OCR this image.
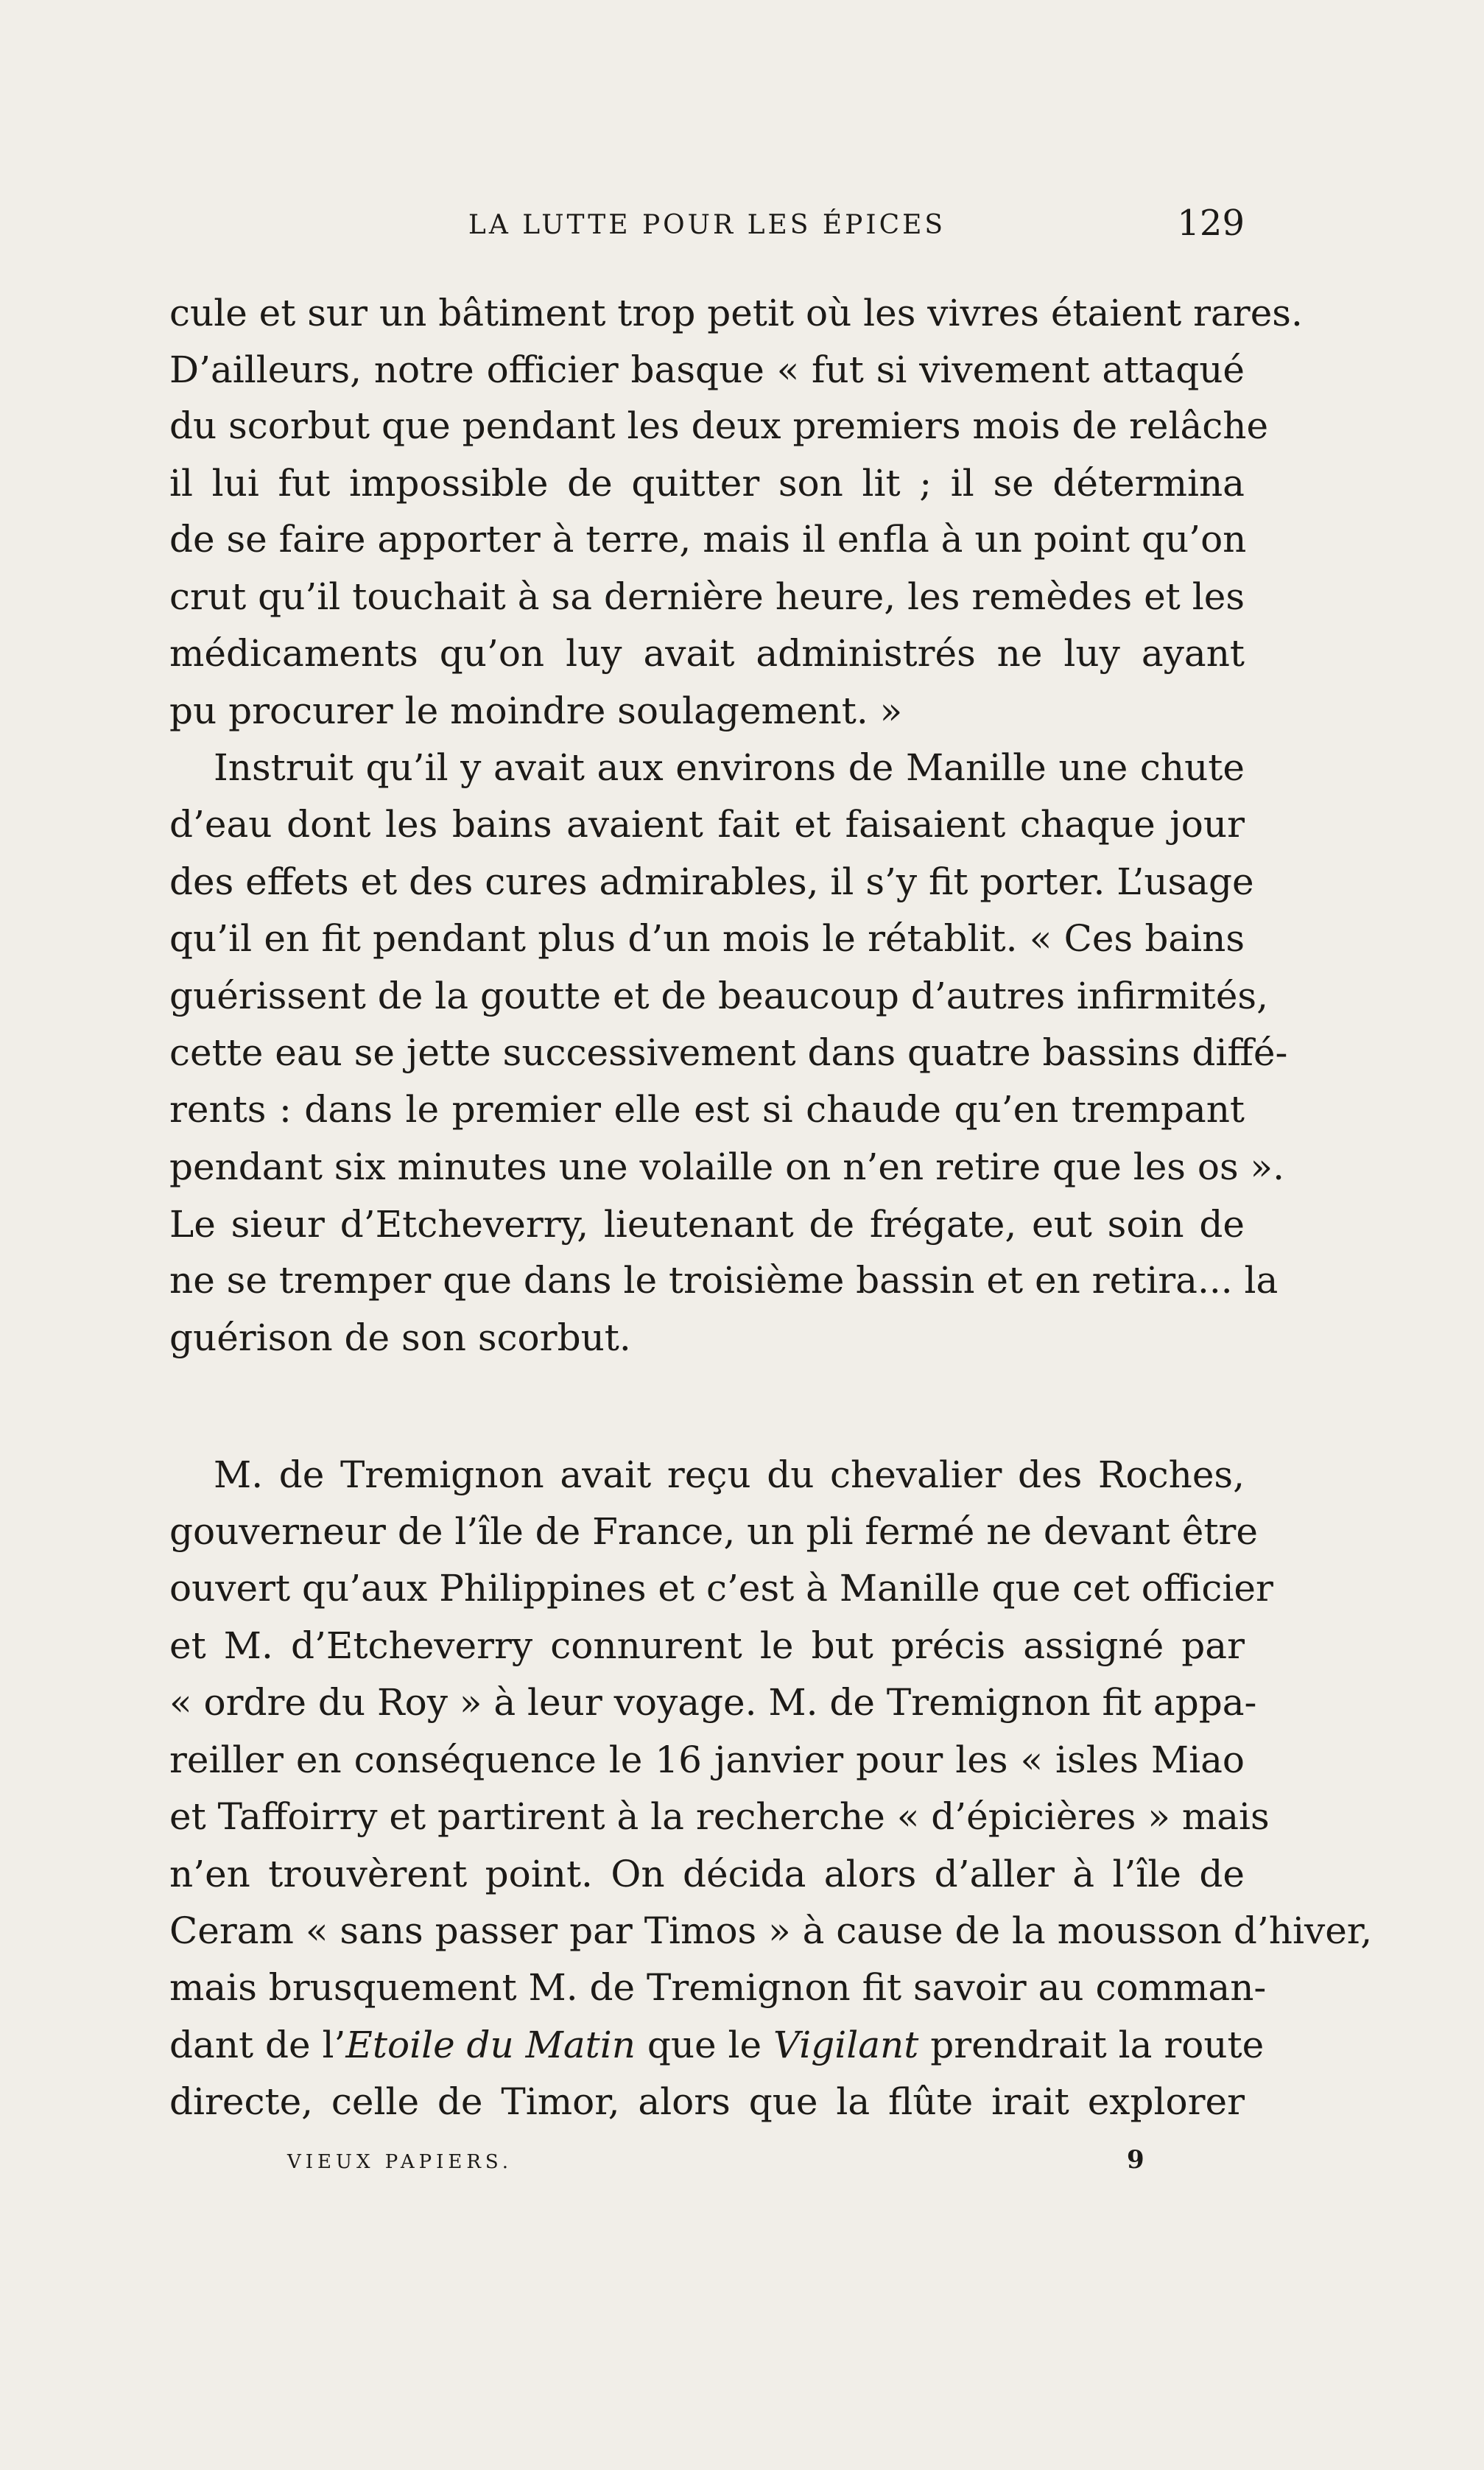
LA LUTTE POUR LES ÉPICES	129
cule et sur un bâtiment trop petit où les vivres étaient rares.
D’ailleurs, notre officier basque « fut si vivement attaqué
du scorbut que pendant les deux premiers mois de relâche
il lui fut impossible de quitter son lit ; il se détermina
de se faire apporter à terre, mais il enfla à un point qu’on
crut qu’il touchait à sa dernière heure, les remèdes et les
médicaments qu’on luy avait administrés ne luy ayant
pu procurer le moindre soulagement. »
Instruit qu’il y avait aux environs de Manille une chute
d’eau dont les bains avaient fait et faisaient chaque jour
des effets et des cures admirables, il s’y fit porter. L’usage
qu’il en fit pendant plus d’un mois le rétablit. « Ces bains
guérissent de la goutte et de beaucoup d’autres infirmités,
cette eau se jette successivement dans quatre bassins diffé-
rents : dans le premier elle est si chaude qu’en trempant
pendant six minutes une volaille on n’en retire que les os ».
Le sieur d’Etcheverry, lieutenant de frégate, eut soin de
ne se tremper que dans le troisième bassin et en retira... la
guérison de son scorbut.
M. de Tremignon avait reçu du chevalier des Roches,
gouverneur de l’île de France, un pli fermé ne devant être
ouvert qu’aux Philippines et c’est à Manille que cet officier
et M. d’Etcheverry connurent le but précis assigné par
« ordre du Roy » à leur voyage. M. de Tremignon fit appa-
reiller en conséquence le 16 janvier pour les « isles Miao
et Taffoirry et partirent à la recherche « d’épicières » mais
n’en trouvèrent point. On décida alors d’aller à l’île de
Ceram « sans passer par Timos » à cause de la mousson d’hiver,
mais brusquement M. de Tremignon fit savoir au comman-
dant de l’Etoile du Matin que le Vigilant prendrait la route
directe, celle de Timor, alors que la flûte irait explorer
VIEUX PAPIERS.	9
